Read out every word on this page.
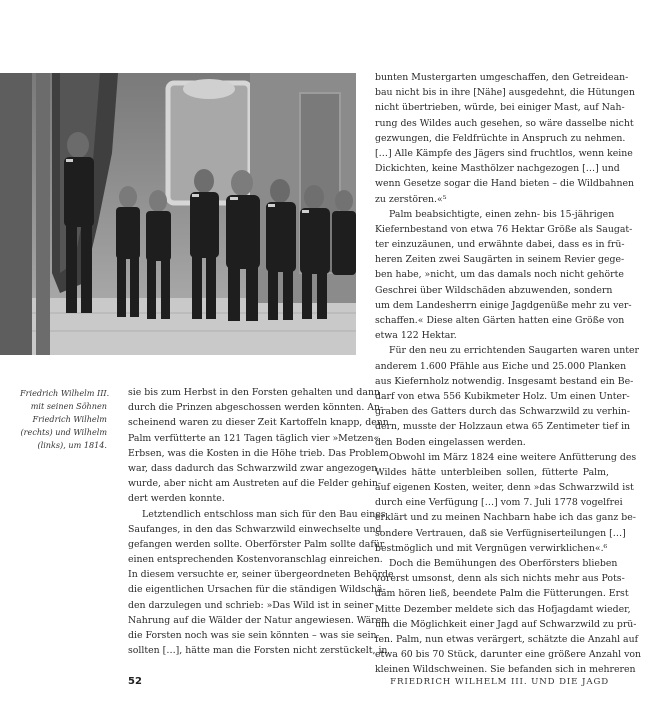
Friedrich Wilhelm III.
mit seinen Söhnen
Friedrich Wilhelm
(rechts) und Wilhelm
(links), um 1814.
sie bis zum Herbst in den Forsten gehalten und dann
durch die Prinzen abgeschossen werden könnten. An-
scheinend waren zu dieser Zeit Kartoffeln knapp, denn
Palm verfütterte an 121 Tagen täglich vier »Metzen«
Erbsen, was die Kosten in die Höhe trieb. Das Problem
war, dass dadurch das Schwarzwild zwar angezogen
wurde, aber nicht am Austreten auf die Felder gehin-
dert werden konnte.
Letztendlich entschloss man sich für den Bau eines
Saufanges, in den das Schwarzwild einwechselte und
gefangen werden sollte. Oberförster Palm sollte dafür
einen entsprechenden Kostenvoranschlag einreichen.
In diesem versuchte er, seiner übergeordneten Behörde
die eigentlichen Ursachen für die ständigen Wildschä-
den darzulegen und schrieb: »Das Wild ist in seiner
Nahrung auf die Wälder der Natur angewiesen. Wären
die Forsten noch was sie sein könnten – was sie sein
sollten […], hätte man die Forsten nicht zerstückelt, in
bunten Mustergarten umgeschaffen, den Getreidean-
bau nicht bis in ihre [Nähe] ausgedehnt, die Hütungen
nicht übertrieben, würde, bei einiger Mast, auf Nah-
rung des Wildes auch gesehen, so wäre dasselbe nicht
gezwungen, die Feldfrüchte in Anspruch zu nehmen.
[…] Alle Kämpfe des Jägers sind fruchtlos, wenn keine
Dickichten, keine Masthölzer nachgezogen […] und
wenn Gesetze sogar die Hand bieten – die Wildbahnen
zu zerstören.«⁵
Palm beabsichtigte, einen zehn- bis 15-jährigen
Kiefernbestand von etwa 76 Hektar Größe als Saugat-
ter einzuzäunen, und erwähnte dabei, dass es in frü-
heren Zeiten zwei Saugärten in seinem Revier gege-
ben habe, »nicht, um das damals noch nicht gehörte
Geschrei über Wildschäden abzuwenden, sondern
um dem Landesherrn einige Jagdgenüße mehr zu ver-
schaffen.« Diese alten Gärten hatten eine Größe von
etwa 122 Hektar.
Für den neu zu errichtenden Saugarten waren unter
anderem 1.600 Pfähle aus Eiche und 25.000 Planken
aus Kiefernholz notwendig. Insgesamt bestand ein Be-
darf von etwa 556 Kubikmeter Holz. Um einen Unter-
graben des Gatters durch das Schwarzwild zu verhin-
dern, musste der Holzzaun etwa 65 Zentimeter tief in
den Boden eingelassen werden.
Obwohl im März 1824 eine weitere Anfütterung des
Wildes hätte unterbleiben sollen, fütterte Palm,
auf eigenen Kosten, weiter, denn »das Schwarzwild ist
durch eine Verfügung […] vom 7. Juli 1778 vogelfrei
erklärt und zu meinen Nachbarn habe ich das ganz be-
sondere Vertrauen, daß sie Verfügniserteilungen […]
bestmöglich und mit Vergnügen verwirklichen«.⁶
Doch die Bemühungen des Oberförsters blieben
vorerst umsonst, denn als sich nichts mehr aus Pots-
dam hören ließ, beendete Palm die Fütterungen. Erst
Mitte Dezember meldete sich das Hofjagdamt wieder,
um die Möglichkeit einer Jagd auf Schwarzwild zu prü-
fen. Palm, nun etwas verärgert, schätzte die Anzahl auf
etwa 60 bis 70 Stück, darunter eine größere Anzahl von
kleinen Wildschweinen. Sie befanden sich in mehreren
52	FRIEDRICH WILHELM III. UND DIE JAGD
